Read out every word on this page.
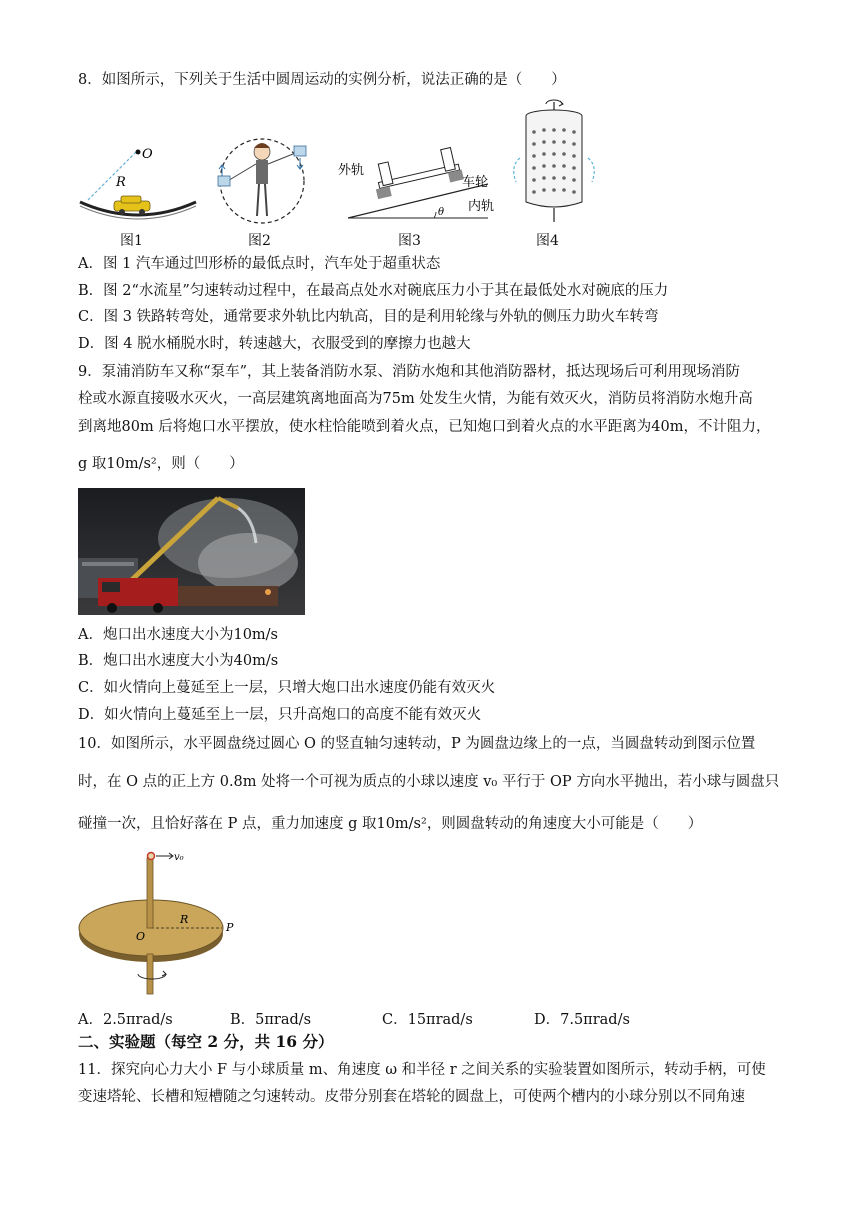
8．如图所示，下列关于生活中圆周运动的实例分析，说法正确的是（　　）
O
R
图1	图2
外轨
车轮
内轨
θ
图3	图4
A．图 1 汽车通过凹形桥的最低点时，汽车处于超重状态
B．图 2“水流星”匀速转动过程中，在最高点处水对碗底压力小于其在最低处水对碗底的压力
C．图 3 铁路转弯处，通常要求外轨比内轨高，目的是利用轮缘与外轨的侧压力助火车转弯
D．图 4 脱水桶脱水时，转速越大，衣服受到的摩擦力也越大
9．泵浦消防车又称“泵车”，其上装备消防水泵、消防水炮和其他消防器材，抵达现场后可利用现场消防
栓或水源直接吸水灭火，一高层建筑离地面高为75m 处发生火情，为能有效灭火，消防员将消防水炮升高
到离地80m 后将炮口水平摆放，使水柱恰能喷到着火点，已知炮口到着火点的水平距离为40m，不计阻力，
g 取10m/s²，则（　　）
A．炮口出水速度大小为10m/s
B．炮口出水速度大小为40m/s
C．如火情向上蔓延至上一层，只增大炮口出水速度仍能有效灭火
D．如火情向上蔓延至上一层，只升高炮口的高度不能有效灭火
10．如图所示，水平圆盘绕过圆心 O 的竖直轴匀速转动，P 为圆盘边缘上的一点，当圆盘转动到图示位置
时，在 O 点的正上方 0.8m 处将一个可视为质点的小球以速度 v₀ 平行于 OP 方向水平抛出，若小球与圆盘只
碰撞一次，且恰好落在 P 点，重力加速度 g 取10m/s²，则圆盘转动的角速度大小可能是（　　）
v₀
R
O
P
A．2.5πrad/s	B．5πrad/s	C．15πrad/s	D．7.5πrad/s
二、实验题（每空 2 分，共 16 分）
11．探究向心力大小 F 与小球质量 m、角速度 ω 和半径 r 之间关系的实验装置如图所示，转动手柄，可使
变速塔轮、长槽和短槽随之匀速转动。皮带分别套在塔轮的圆盘上，可使两个槽内的小球分别以不同角速
